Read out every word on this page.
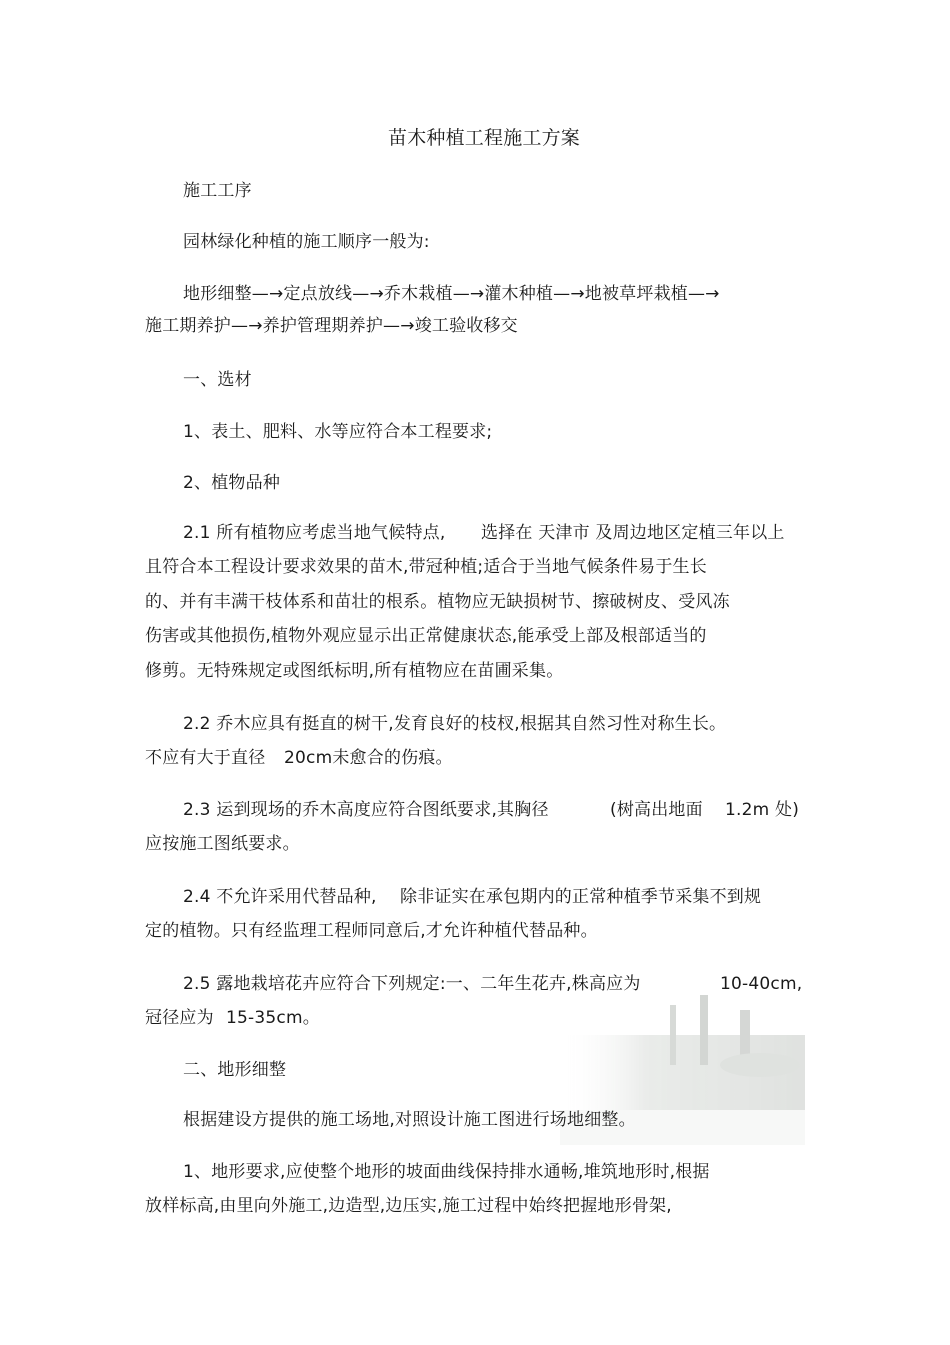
苗木种植工程施工方案
施工工序
园林绿化种植的施工顺序一般为:
地形细整—→定点放线—→乔木栽植—→灌木种植—→地被草坪栽植—→
施工期养护—→养护管理期养护—→竣工验收移交
一、选材
1、表土、肥料、水等应符合本工程要求;
2、植物品种
2.1 所有植物应考虑当地气候特点, 选择在 天津市 及周边地区定植三年以上
且符合本工程设计要求效果的苗木,带冠种植;适合于当地气候条件易于生长
的、并有丰满干枝体系和苗壮的根系。植物应无缺损树节、擦破树皮、受风冻
伤害或其他损伤,植物外观应显示出正常健康状态,能承受上部及根部适当的
修剪。无特殊规定或图纸标明,所有植物应在苗圃采集。
2.2 乔木应具有挺直的树干,发育良好的枝杈,根据其自然习性对称生长。
不应有大于直径 20cm未愈合的伤痕。
2.3 运到现场的乔木高度应符合图纸要求,其胸径	(树高出地面 1.2m 处)
应按施工图纸要求。
2.4 不允许采用代替品种, 除非证实在承包期内的正常种植季节采集不到规
定的植物。只有经监理工程师同意后,才允许种植代替品种。
2.5 露地栽培花卉应符合下列规定:一、二年生花卉,株高应为	10-40cm,
冠径应为 15-35cm。
二、地形细整
根据建设方提供的施工场地,对照设计施工图进行场地细整。
1、地形要求,应使整个地形的坡面曲线保持排水通畅,堆筑地形时,根据
放样标高,由里向外施工,边造型,边压实,施工过程中始终把握地形骨架,
